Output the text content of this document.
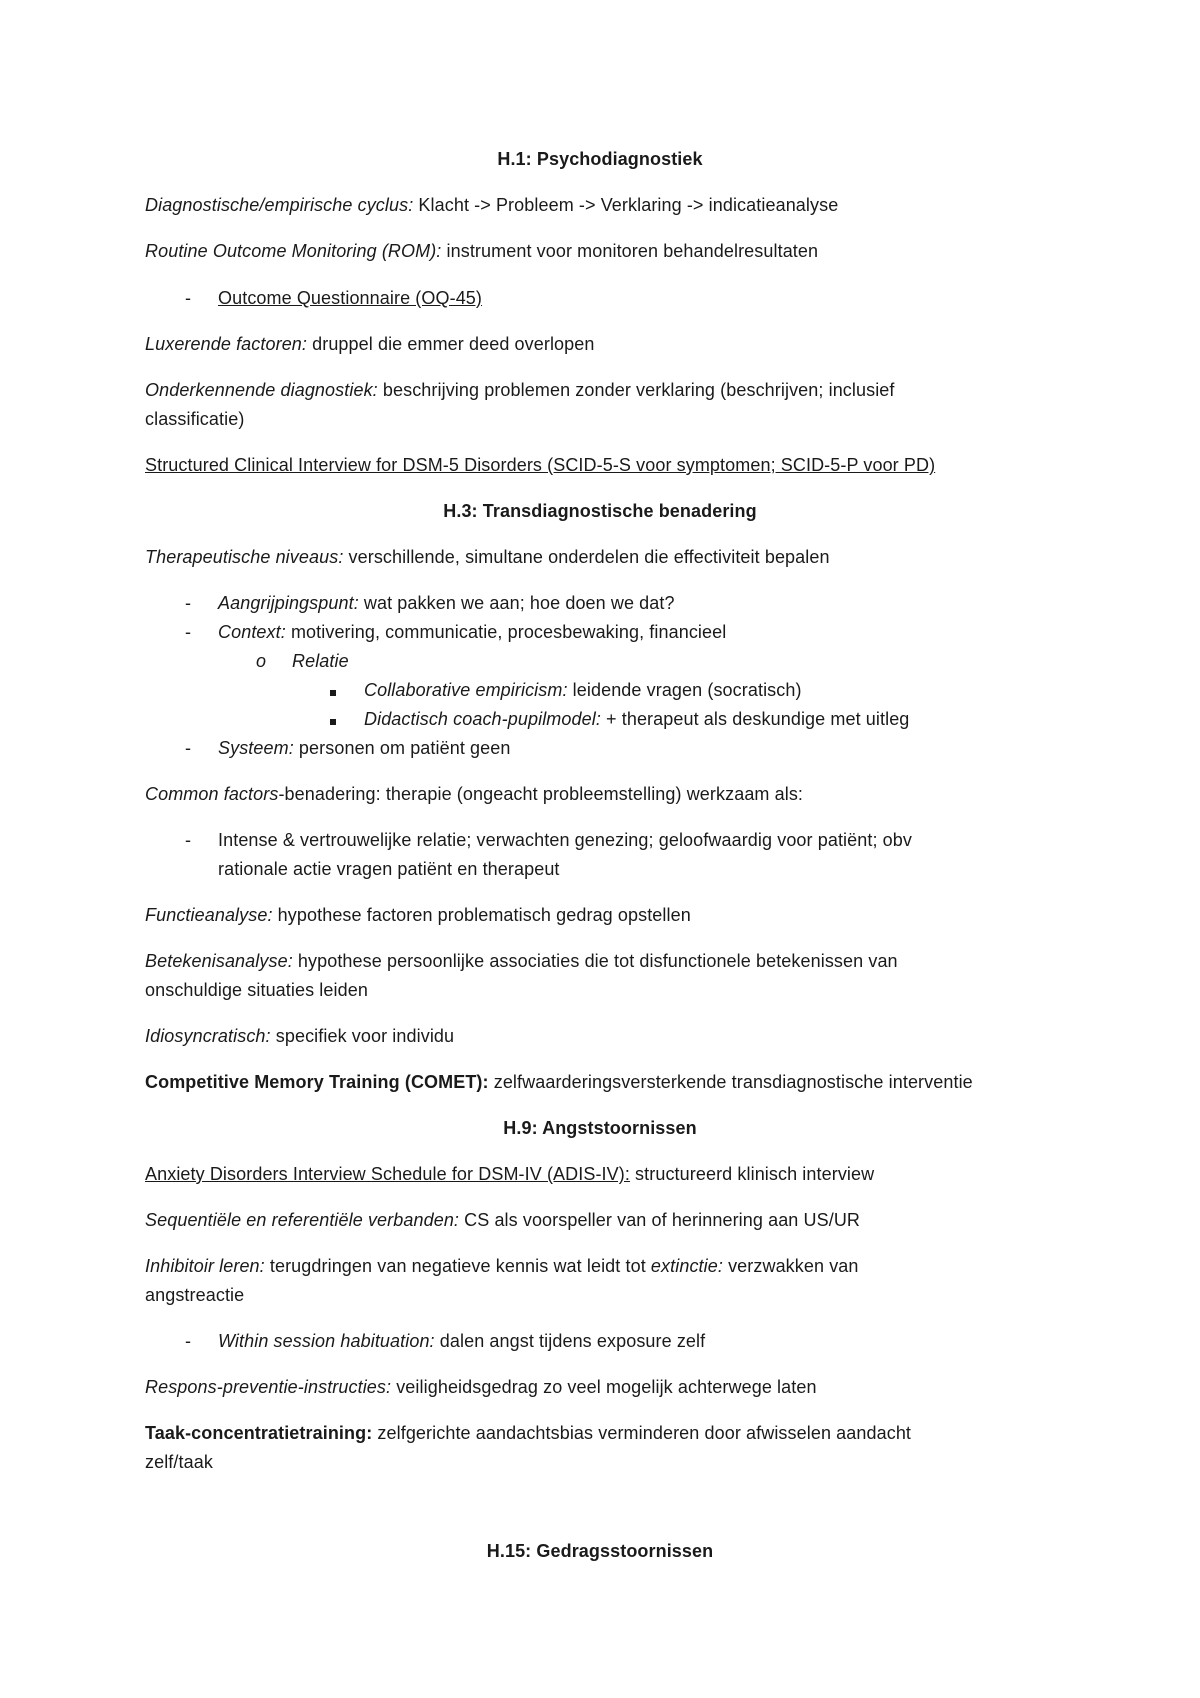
H.1: Psychodiagnostiek
Diagnostische/empirische cyclus: Klacht -> Probleem -> Verklaring -> indicatieanalyse
Routine Outcome Monitoring (ROM): instrument voor monitoren behandelresultaten
- Outcome Questionnaire (OQ-45)
Luxerende factoren: druppel die emmer deed overlopen
Onderkennende diagnostiek: beschrijving problemen zonder verklaring (beschrijven; inclusief
classificatie)
Structured Clinical Interview for DSM-5 Disorders (SCID-5-S voor symptomen; SCID-5-P voor PD)
H.3: Transdiagnostische benadering
Therapeutische niveaus: verschillende, simultane onderdelen die effectiviteit bepalen
- Aangrijpingspunt: wat pakken we aan; hoe doen we dat?
- Context: motivering, communicatie, procesbewaking, financieel
o Relatie
Collaborative empiricism: leidende vragen (socratisch)
Didactisch coach-pupilmodel: + therapeut als deskundige met uitleg
- Systeem: personen om patiënt geen
Common factors-benadering: therapie (ongeacht probleemstelling) werkzaam als:
- Intense & vertrouwelijke relatie; verwachten genezing; geloofwaardig voor patiënt; obv
rationale actie vragen patiënt en therapeut
Functieanalyse: hypothese factoren problematisch gedrag opstellen
Betekenisanalyse: hypothese persoonlijke associaties die tot disfunctionele betekenissen van
onschuldige situaties leiden
Idiosyncratisch: specifiek voor individu
Competitive Memory Training (COMET): zelfwaarderingsversterkende transdiagnostische interventie
H.9: Angststoornissen
Anxiety Disorders Interview Schedule for DSM-IV (ADIS-IV): structureerd klinisch interview
Sequentiële en referentiële verbanden: CS als voorspeller van of herinnering aan US/UR
Inhibitoir leren: terugdringen van negatieve kennis wat leidt tot extinctie: verzwakken van
angstreactie
- Within session habituation: dalen angst tijdens exposure zelf
Respons-preventie-instructies: veiligheidsgedrag zo veel mogelijk achterwege laten
Taak-concentratietraining: zelfgerichte aandachtsbias verminderen door afwisselen aandacht
zelf/taak
H.15: Gedragsstoornissen
